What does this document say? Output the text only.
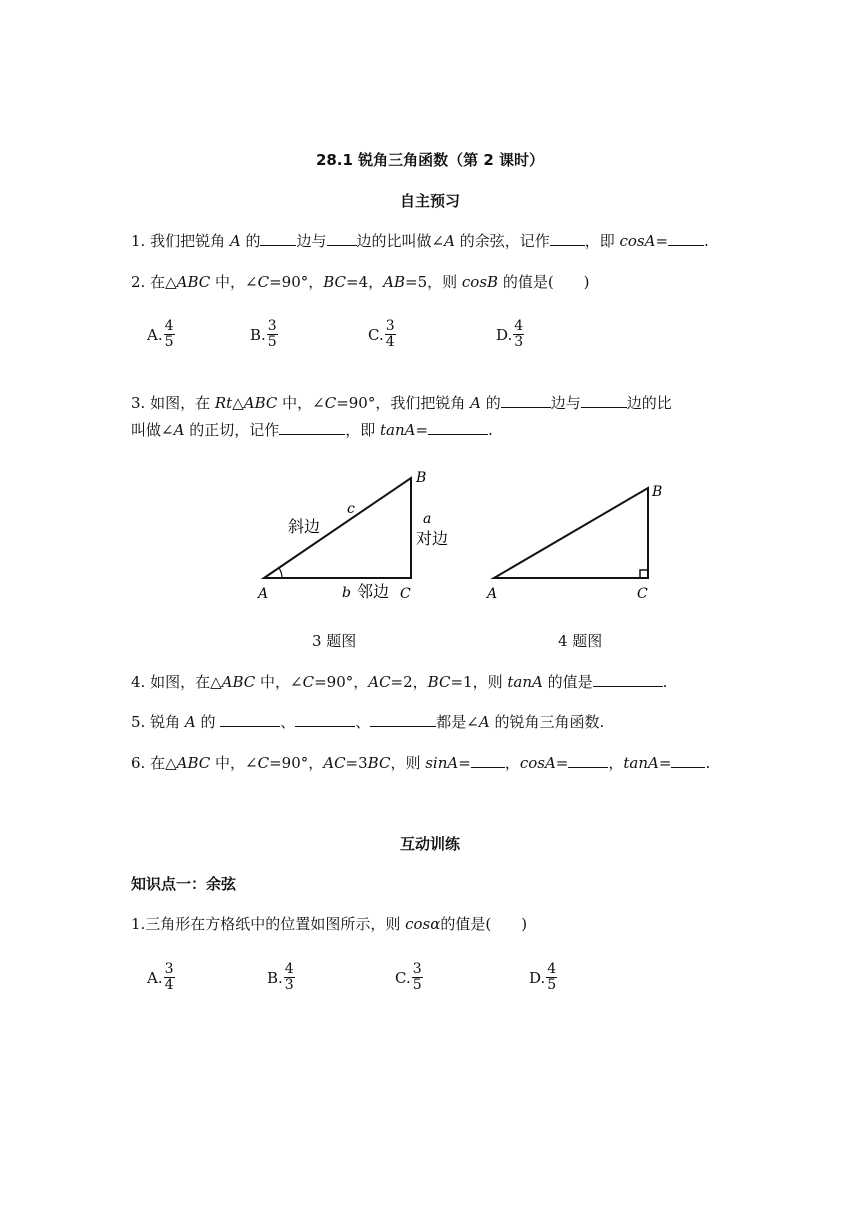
28.1 锐角三角函数（第 2 课时）
自主预习
1. 我们把锐角 A 的 边与 边的比叫做∠A 的余弦，记作 ，即 cosA= .
2. 在△ABC 中，∠C=90°，BC=4，AB=5，则 cosB 的值是(　　)
A. $\frac{4}{5}$	B. $\frac{3}{5}$	C. $\frac{3}{4}$	D. $\frac{4}{3}$
3. 如图，在 Rt△ABC 中，∠C=90°，我们把锐角 A 的	边与	边的比
叫做∠A 的正切，记作	，即 tanA=	.
B
A	C
c
斜边	a
对边
b 邻边
3 题图
B
A	C
4 题图
4. 如图，在△ABC 中，∠C=90°，AC=2，BC=1，则 tanA 的值是	.
5. 锐角 A 的	、	、	都是∠A 的锐角三角函数.
6. 在△ABC 中，∠C=90°，AC=3BC，则 sinA= ，cosA=	，tanA= .
互动训练
知识点一：余弦
1.三角形在方格纸中的位置如图所示，则 cosα的值是(　　)
A. $\frac{3}{4}$	B. $\frac{4}{3}$	C. $\frac{3}{5}$	D. $\frac{4}{5}$
